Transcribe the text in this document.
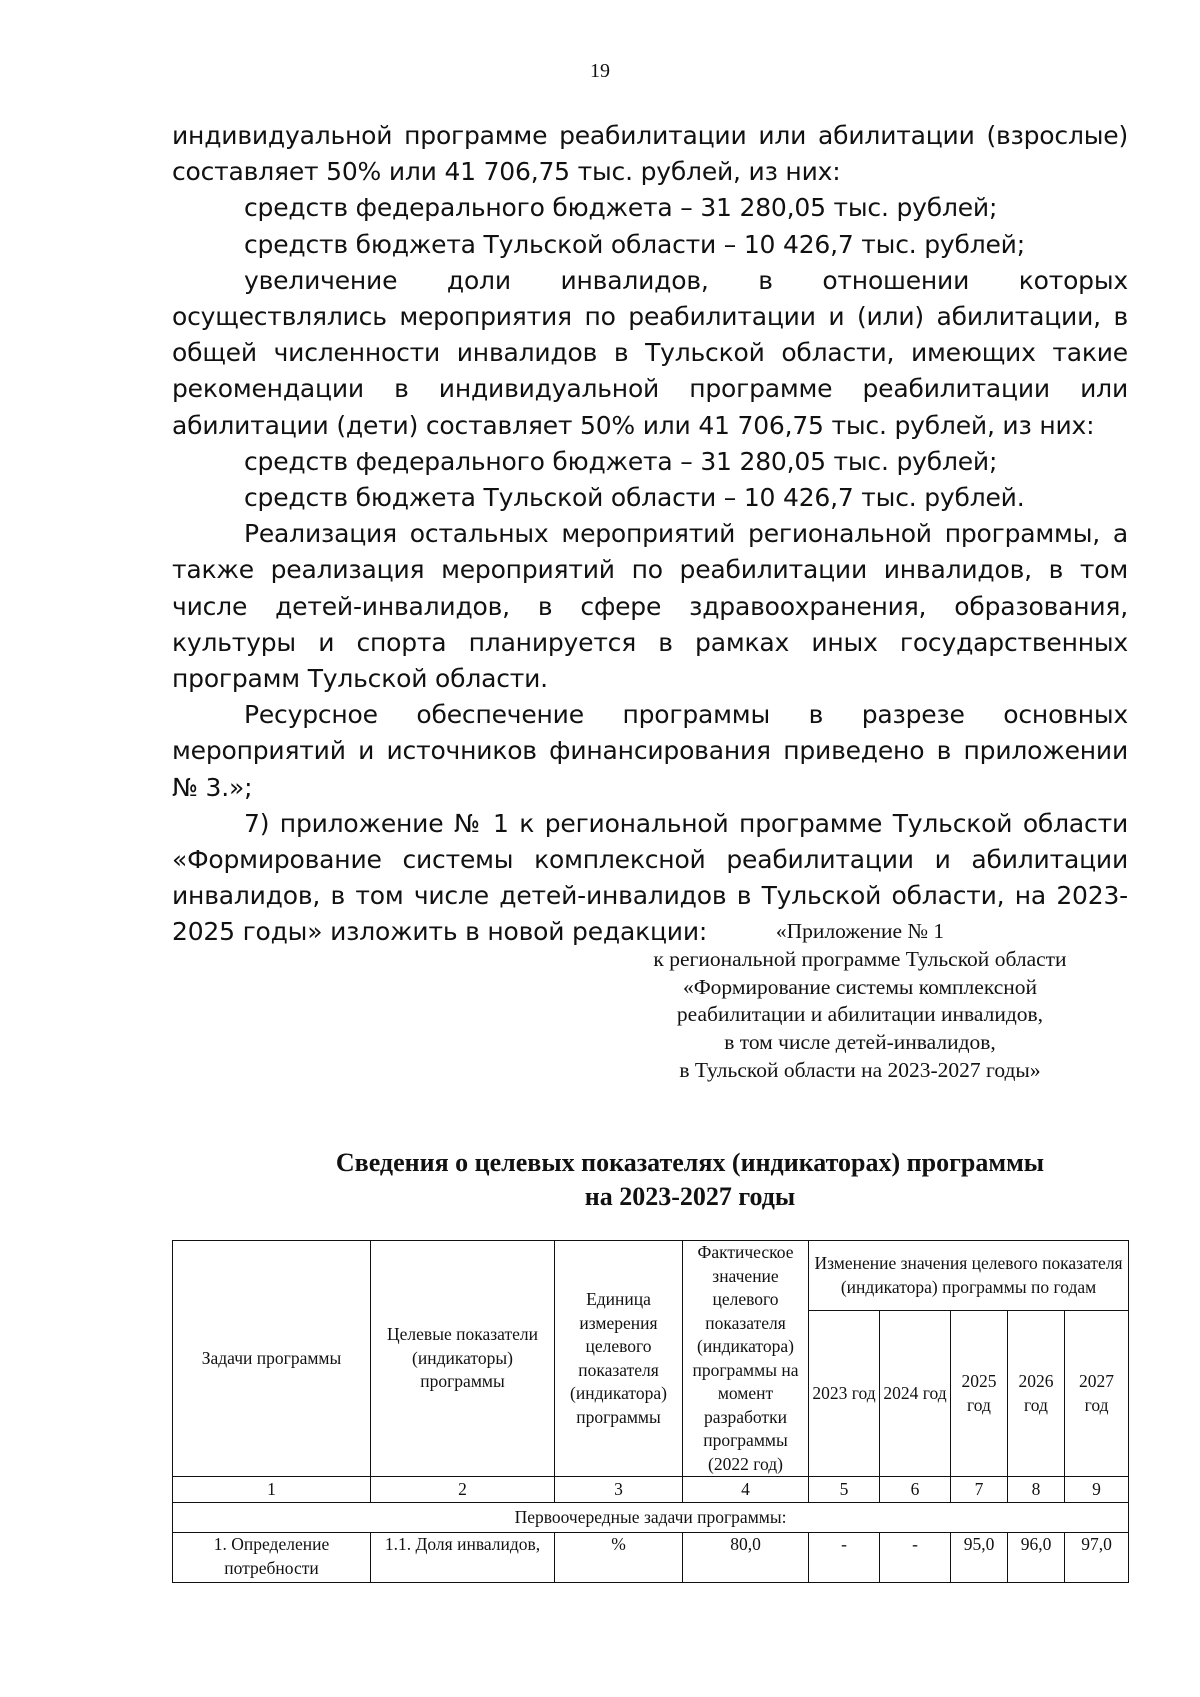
19

индивидуальной программе реабилитации или абилитации (взрослые) составляет 50% или 41 706,75 тыс. рублей, из них:

средств федерального бюджета – 31 280,05 тыс. рублей;

средств бюджета Тульской области – 10 426,7 тыс. рублей;

увеличение доли инвалидов, в отношении которых осуществлялись мероприятия по реабилитации и (или) абилитации, в общей численности инвалидов в Тульской области, имеющих такие рекомендации в индивидуальной программе реабилитации или абилитации (дети) составляет 50% или 41 706,75 тыс. рублей, из них:

средств федерального бюджета – 31 280,05 тыс. рублей;

средств бюджета Тульской области – 10 426,7 тыс. рублей.

Реализация остальных мероприятий региональной программы, а также реализация мероприятий по реабилитации инвалидов, в том числе детей-инвалидов, в сфере здравоохранения, образования, культуры и спорта планируется в рамках иных государственных программ Тульской области.

Ресурсное обеспечение программы в разрезе основных мероприятий и источников финансирования приведено в приложении № 3.»;

7) приложение № 1 к региональной программе Тульской области «Формирование системы комплексной реабилитации и абилитации инвалидов, в том числе детей-инвалидов в Тульской области, на 2023-2025 годы» изложить в новой редакции:	«Приложение № 1
к региональной программе Тульской области
«Формирование системы комплексной
реабилитации и абилитации инвалидов,
в том числе детей-инвалидов,
в Тульской области на 2023-2027 годы»
Сведения о целевых показателях (индикаторах) программы
на 2023-2027 годы
Задачи программы	Целевые показатели (индикаторы) программы	Единица измерения целевого показателя (индикатора) программы	Фактическое значение целевого показателя (индикатора) программы на момент разработки программы (2022 год)	Изменение значения целевого показателя (индикатора) программы по годам				
				2023 год	2024 год	2025 год	2026 год	2027 год
1	2	3	4	5	6	7	8	9
Первоочередные задачи программы:								
1. Определение потребности	1.1. Доля инвалидов,	%	80,0	-	-	95,0	96,0	97,0
